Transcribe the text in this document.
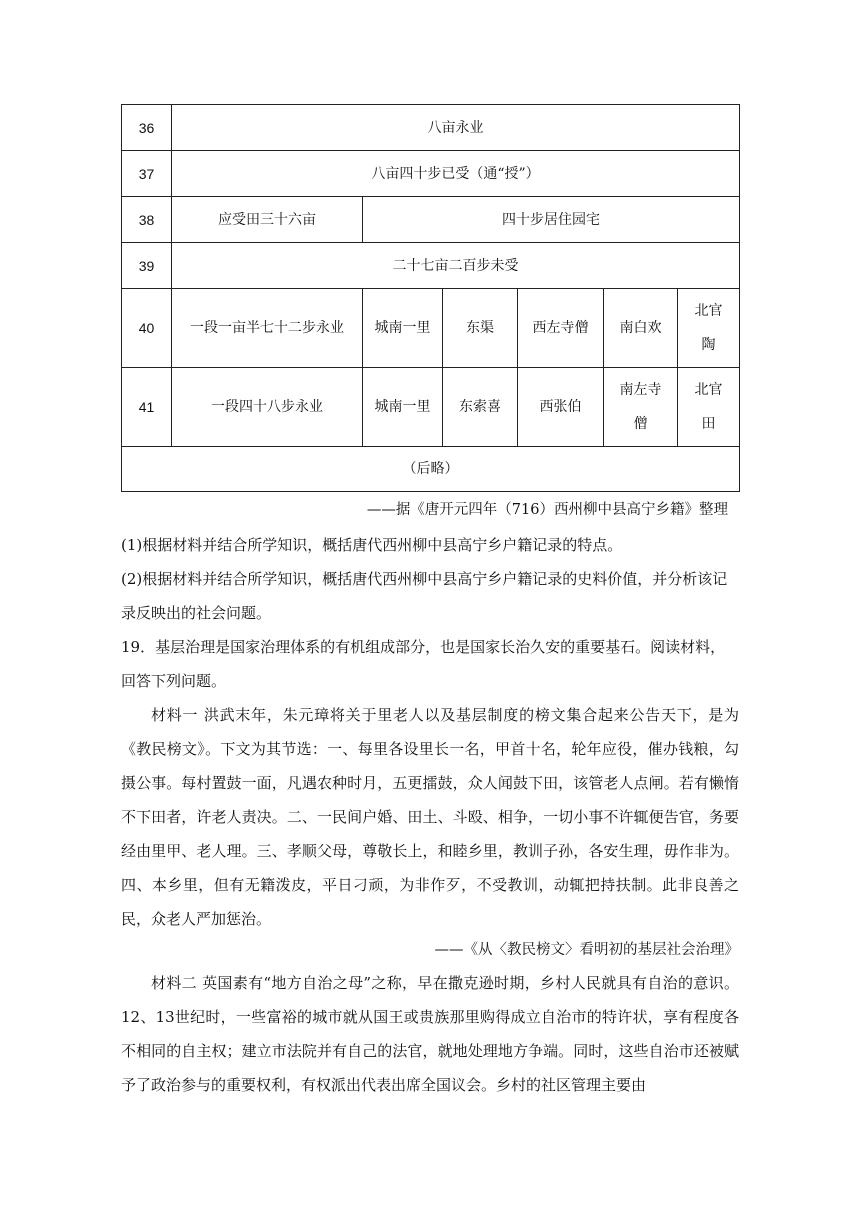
36	八亩永业					
37	八亩四十步已受（通“授”）					
38	应受田三十六亩	四十步居住园宅				
39	二十七亩二百步未受					
40	一段一亩半七十二步永业	城南一里	东渠	西左寺僧	南白欢	北官陶
41	一段四十八步永业	城南一里	东索喜	西张伯	南左寺僧	北官田
（后略）						

——据《唐开元四年（716）西州柳中县高宁乡籍》整理

(1)根据材料并结合所学知识，概括唐代西州柳中县高宁乡户籍记录的特点。

(2)根据材料并结合所学知识，概括唐代西州柳中县高宁乡户籍记录的史料价值，并分析该记录反映出的社会问题。

19．基层治理是国家治理体系的有机组成部分，也是国家长治久安的重要基石。阅读材料，回答下列问题。

材料一 洪武末年，朱元璋将关于里老人以及基层制度的榜文集合起来公告天下，是为《教民榜文》。下文为其节选：一、每里各设里长一名，甲首十名，轮年应役，催办钱粮，勾摄公事。每村置鼓一面，凡遇农种时月，五更擂鼓，众人闻鼓下田，该管老人点闸。若有懒惰不下田者，许老人责决。二、一民间户婚、田土、斗殴、相争，一切小事不许辄便告官，务要经由里甲、老人理。三、孝顺父母，尊敬长上，和睦乡里，教训子孙，各安生理，毋作非为。四、本乡里，但有无籍泼皮，平日刁顽，为非作歹，不受教训，动辄把持扶制。此非良善之民，众老人严加惩治。

——《从〈教民榜文〉看明初的基层社会治理》

材料二 英国素有“地方自治之母”之称，早在撒克逊时期，乡村人民就具有自治的意识。12、13世纪时，一些富裕的城市就从国王或贵族那里购得成立自治市的特许状，享有程度各不相同的自主权；建立市法院并有自己的法官，就地处理地方争端。同时，这些自治市还被赋予了政治参与的重要权利，有权派出代表出席全国议会。乡村的社区管理主要由
